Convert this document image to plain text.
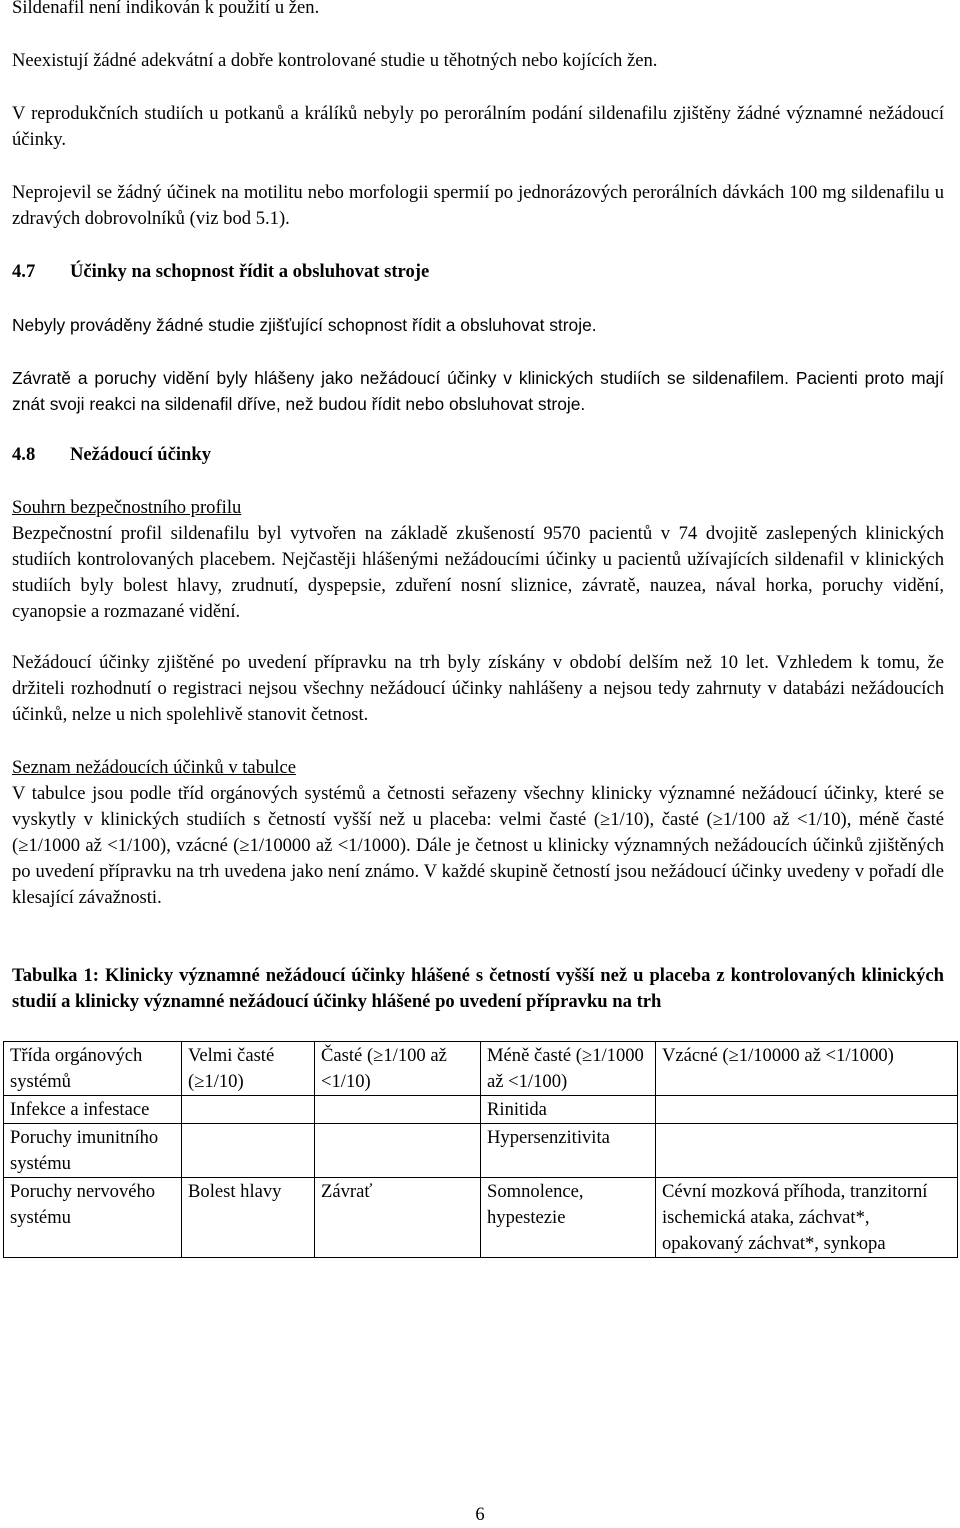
Sildenafil není indikován k použití u žen.

Neexistují žádné adekvátní a dobře kontrolované studie u těhotných nebo kojících žen.

V reprodukčních studiích u potkanů a králíků nebyly po perorálním podání sildenafilu zjištěny žádné významné nežádoucí účinky.

Neprojevil se žádný účinek na motilitu nebo morfologii spermií po jednorázových perorálních dávkách 100 mg sildenafilu u zdravých dobrovolníků (viz bod 5.1).

4.7 Účinky na schopnost řídit a obsluhovat stroje

Nebyly prováděny žádné studie zjišťující schopnost řídit a obsluhovat stroje.

Závratě a poruchy vidění byly hlášeny jako nežádoucí účinky v klinických studiích se sildenafilem. Pacienti proto mají znát svoji reakci na sildenafil dříve, než budou řídit nebo obsluhovat stroje.

4.8 Nežádoucí účinky

Souhrn bezpečnostního profilu

Bezpečnostní profil sildenafilu byl vytvořen na základě zkušeností 9570 pacientů v 74 dvojitě zaslepených klinických studiích kontrolovaných placebem. Nejčastěji hlášenými nežádoucími účinky u pacientů užívajících sildenafil v klinických studiích byly bolest hlavy, zrudnutí, dyspepsie, zduření nosní sliznice, závratě, nauzea, nával horka, poruchy vidění, cyanopsie a rozmazané vidění.

Nežádoucí účinky zjištěné po uvedení přípravku na trh byly získány v období delším než 10 let. Vzhledem k tomu, že držiteli rozhodnutí o registraci nejsou všechny nežádoucí účinky nahlášeny a nejsou tedy zahrnuty v databázi nežádoucích účinků, nelze u nich spolehlivě stanovit četnost.

Seznam nežádoucích účinků v tabulce

V tabulce jsou podle tříd orgánových systémů a četnosti seřazeny všechny klinicky významné nežádoucí účinky, které se vyskytly v klinických studiích s četností vyšší než u placeba: velmi časté (≥1/10), časté (≥1/100 až <1/10), méně časté (≥1/1000 až <1/100), vzácné (≥1/10000 až <1/1000). Dále je četnost u klinicky významných nežádoucích účinků zjištěných po uvedení přípravku na trh uvedena jako není známo. V každé skupině četností jsou nežádoucí účinky uvedeny v pořadí dle klesající závažnosti.

Tabulka 1: Klinicky významné nežádoucí účinky hlášené s četností vyšší než u placeba z kontrolovaných klinických studií a klinicky významné nežádoucí účinky hlášené po uvedení přípravku na trh

Třída orgánových systémů	Velmi časté (≥1/10)	Časté (≥1/100 až <1/10)	Méně časté (≥1/1000 až <1/100)	Vzácné (≥1/10000 až <1/1000)
Infekce a infestace			Rinitida	
Poruchy imunitního systému			Hypersenzitivita	
Poruchy nervového systému	Bolest hlavy	Závrať	Somnolence, hypestezie	Cévní mozková příhoda, tranzitorní ischemická ataka, záchvat*, opakovaný záchvat*, synkopa
6
